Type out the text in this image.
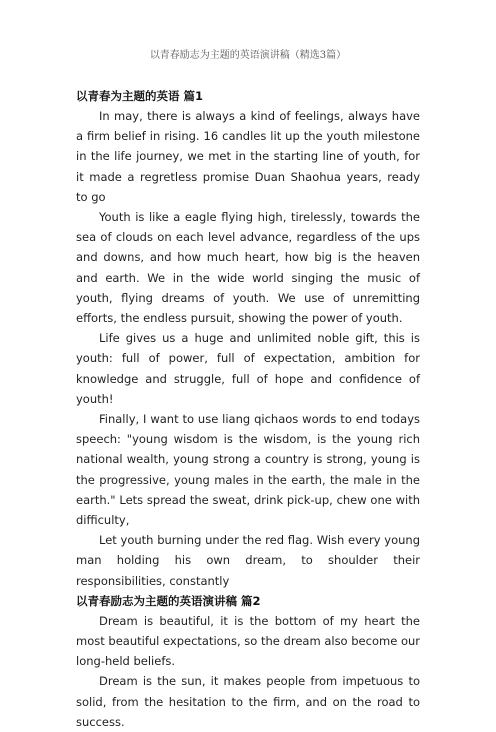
以青春励志为主题的英语演讲稿（精选3篇）
以青春为主题的英语 篇1

In may, there is always a kind of feelings, always have a firm belief in rising. 16 candles lit up the youth milestone in the life journey, we met in the starting line of youth, for it made a regretless promise Duan Shaohua years, ready to go

Youth is like a eagle flying high, tirelessly, towards the sea of clouds on each level advance, regardless of the ups and downs, and how much heart, how big is the heaven and earth. We in the wide world singing the music of youth, flying dreams of youth. We use of unremitting efforts, the endless pursuit, showing the power of youth.

Life gives us a huge and unlimited noble gift, this is youth: full of power, full of expectation, ambition for knowledge and struggle, full of hope and confidence of youth!

Finally, I want to use liang qichaos words to end todays speech: "young wisdom is the wisdom, is the young rich national wealth, young strong a country is strong, young is the progressive, young males in the earth, the male in the earth." Lets spread the sweat, drink pick-up, chew one with difficulty,

Let youth burning under the red flag. Wish every young man holding his own dream, to shoulder their responsibilities, constantly

以青春励志为主题的英语演讲稿 篇2

Dream is beautiful, it is the bottom of my heart the most beautiful expectations, so the dream also become our long-held beliefs.

Dream is the sun, it makes people from impetuous to solid, from the hesitation to the firm, and on the road to success.
